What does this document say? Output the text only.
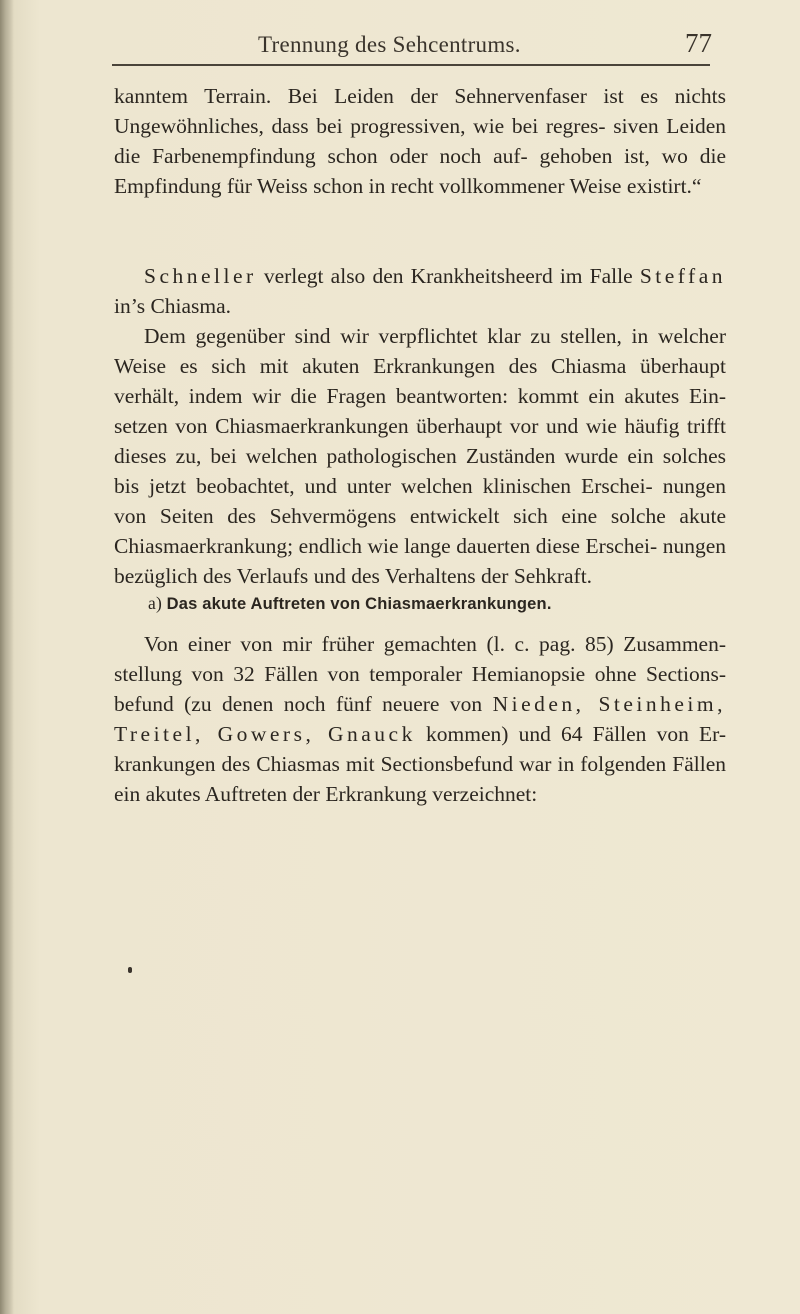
Trennung des Sehcentrums.	77

kanntem Terrain. Bei Leiden der Sehnervenfaser ist es nichts Ungewöhnliches, dass bei progressiven, wie bei regres- siven Leiden die Farbenempfindung schon oder noch auf- gehoben ist, wo die Empfindung für Weiss schon in recht vollkommener Weise existirt.“

Schneller verlegt also den Krankheitsheerd im Falle Steffan in’s Chiasma.

Dem gegenüber sind wir verpflichtet klar zu stellen, in welcher Weise es sich mit akuten Erkrankungen des Chiasma überhaupt verhält, indem wir die Fragen beantworten: kommt ein akutes Ein- setzen von Chiasmaerkrankungen überhaupt vor und wie häufig trifft dieses zu, bei welchen pathologischen Zuständen wurde ein solches bis jetzt beobachtet, und unter welchen klinischen Erschei- nungen von Seiten des Sehvermögens entwickelt sich eine solche akute Chiasmaerkrankung; endlich wie lange dauerten diese Erschei- nungen bezüglich des Verlaufs und des Verhaltens der Sehkraft.

a) Das akute Auftreten von Chiasmaerkrankungen.

Von einer von mir früher gemachten (l. c. pag. 85) Zusammen- stellung von 32 Fällen von temporaler Hemianopsie ohne Sections- befund (zu denen noch fünf neuere von Nieden, Steinheim, Treitel, Gowers, Gnauck kommen) und 64 Fällen von Er- krankungen des Chiasmas mit Sectionsbefund war in folgenden Fällen ein akutes Auftreten der Erkrankung verzeichnet:
